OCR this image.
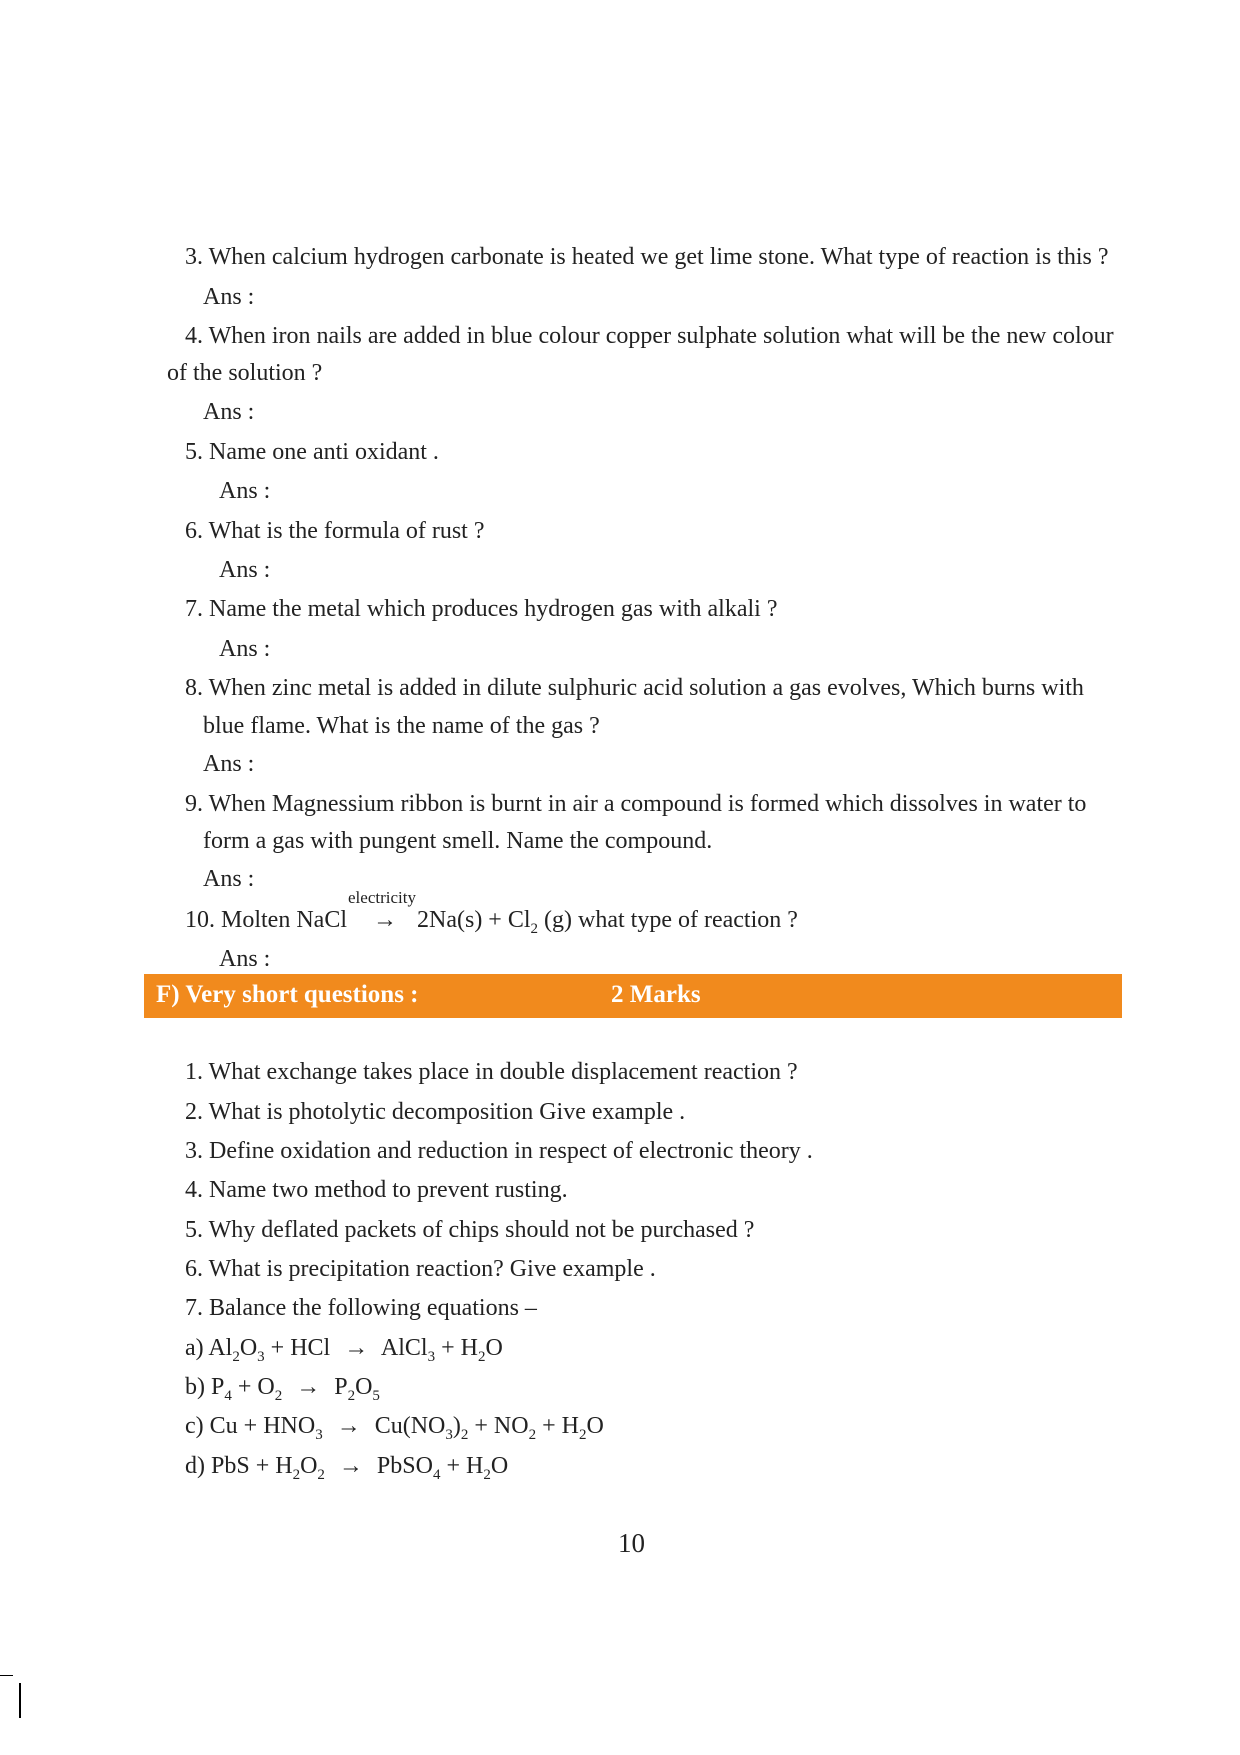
3. When calcium hydrogen carbonate is heated we get lime stone. What type of reaction is this ?
Ans :
4. When iron nails are added in blue colour copper sulphate solution what will be the new colour
of the solution ?
Ans :
5. Name one anti oxidant .
Ans :
6. What is the formula of rust ?
Ans :
7. Name the metal which produces hydrogen gas with alkali ?
Ans :
8. When zinc metal is added in dilute sulphuric acid solution a gas evolves, Which burns with
blue flame. What is the name of the gas ?
Ans :
9. When Magnessium ribbon is burnt in air a compound is formed which dissolves in water to
form a gas with pungent smell. Name the compound.
Ans :
electricity
10. Molten NaCl → $2Na(s) + Cl_2$ (g) what type of reaction ?
Ans :
F) Very short questions :	2 Marks
1. What exchange takes place in double displacement reaction ?
2. What is photolytic decomposition Give example .
3. Define oxidation and reduction in respect of electronic theory .
4. Name two method to prevent rusting.
5. Why deflated packets of chips should not be purchased ?
6. What is precipitation reaction? Give example .
7. Balance the following equations –
a) $Al_2O_3$ + HCl → AlCl$_3$ + $H_2O$
b) $P_4 + O_2 \to P_2O_5$
c) $Cu + HNO_3 \to Cu(NO_3)_2 + NO_2 + H_2O$
d) PbS + $H_2O_2$ → PbSO$_4$ + $H_2O$
10
